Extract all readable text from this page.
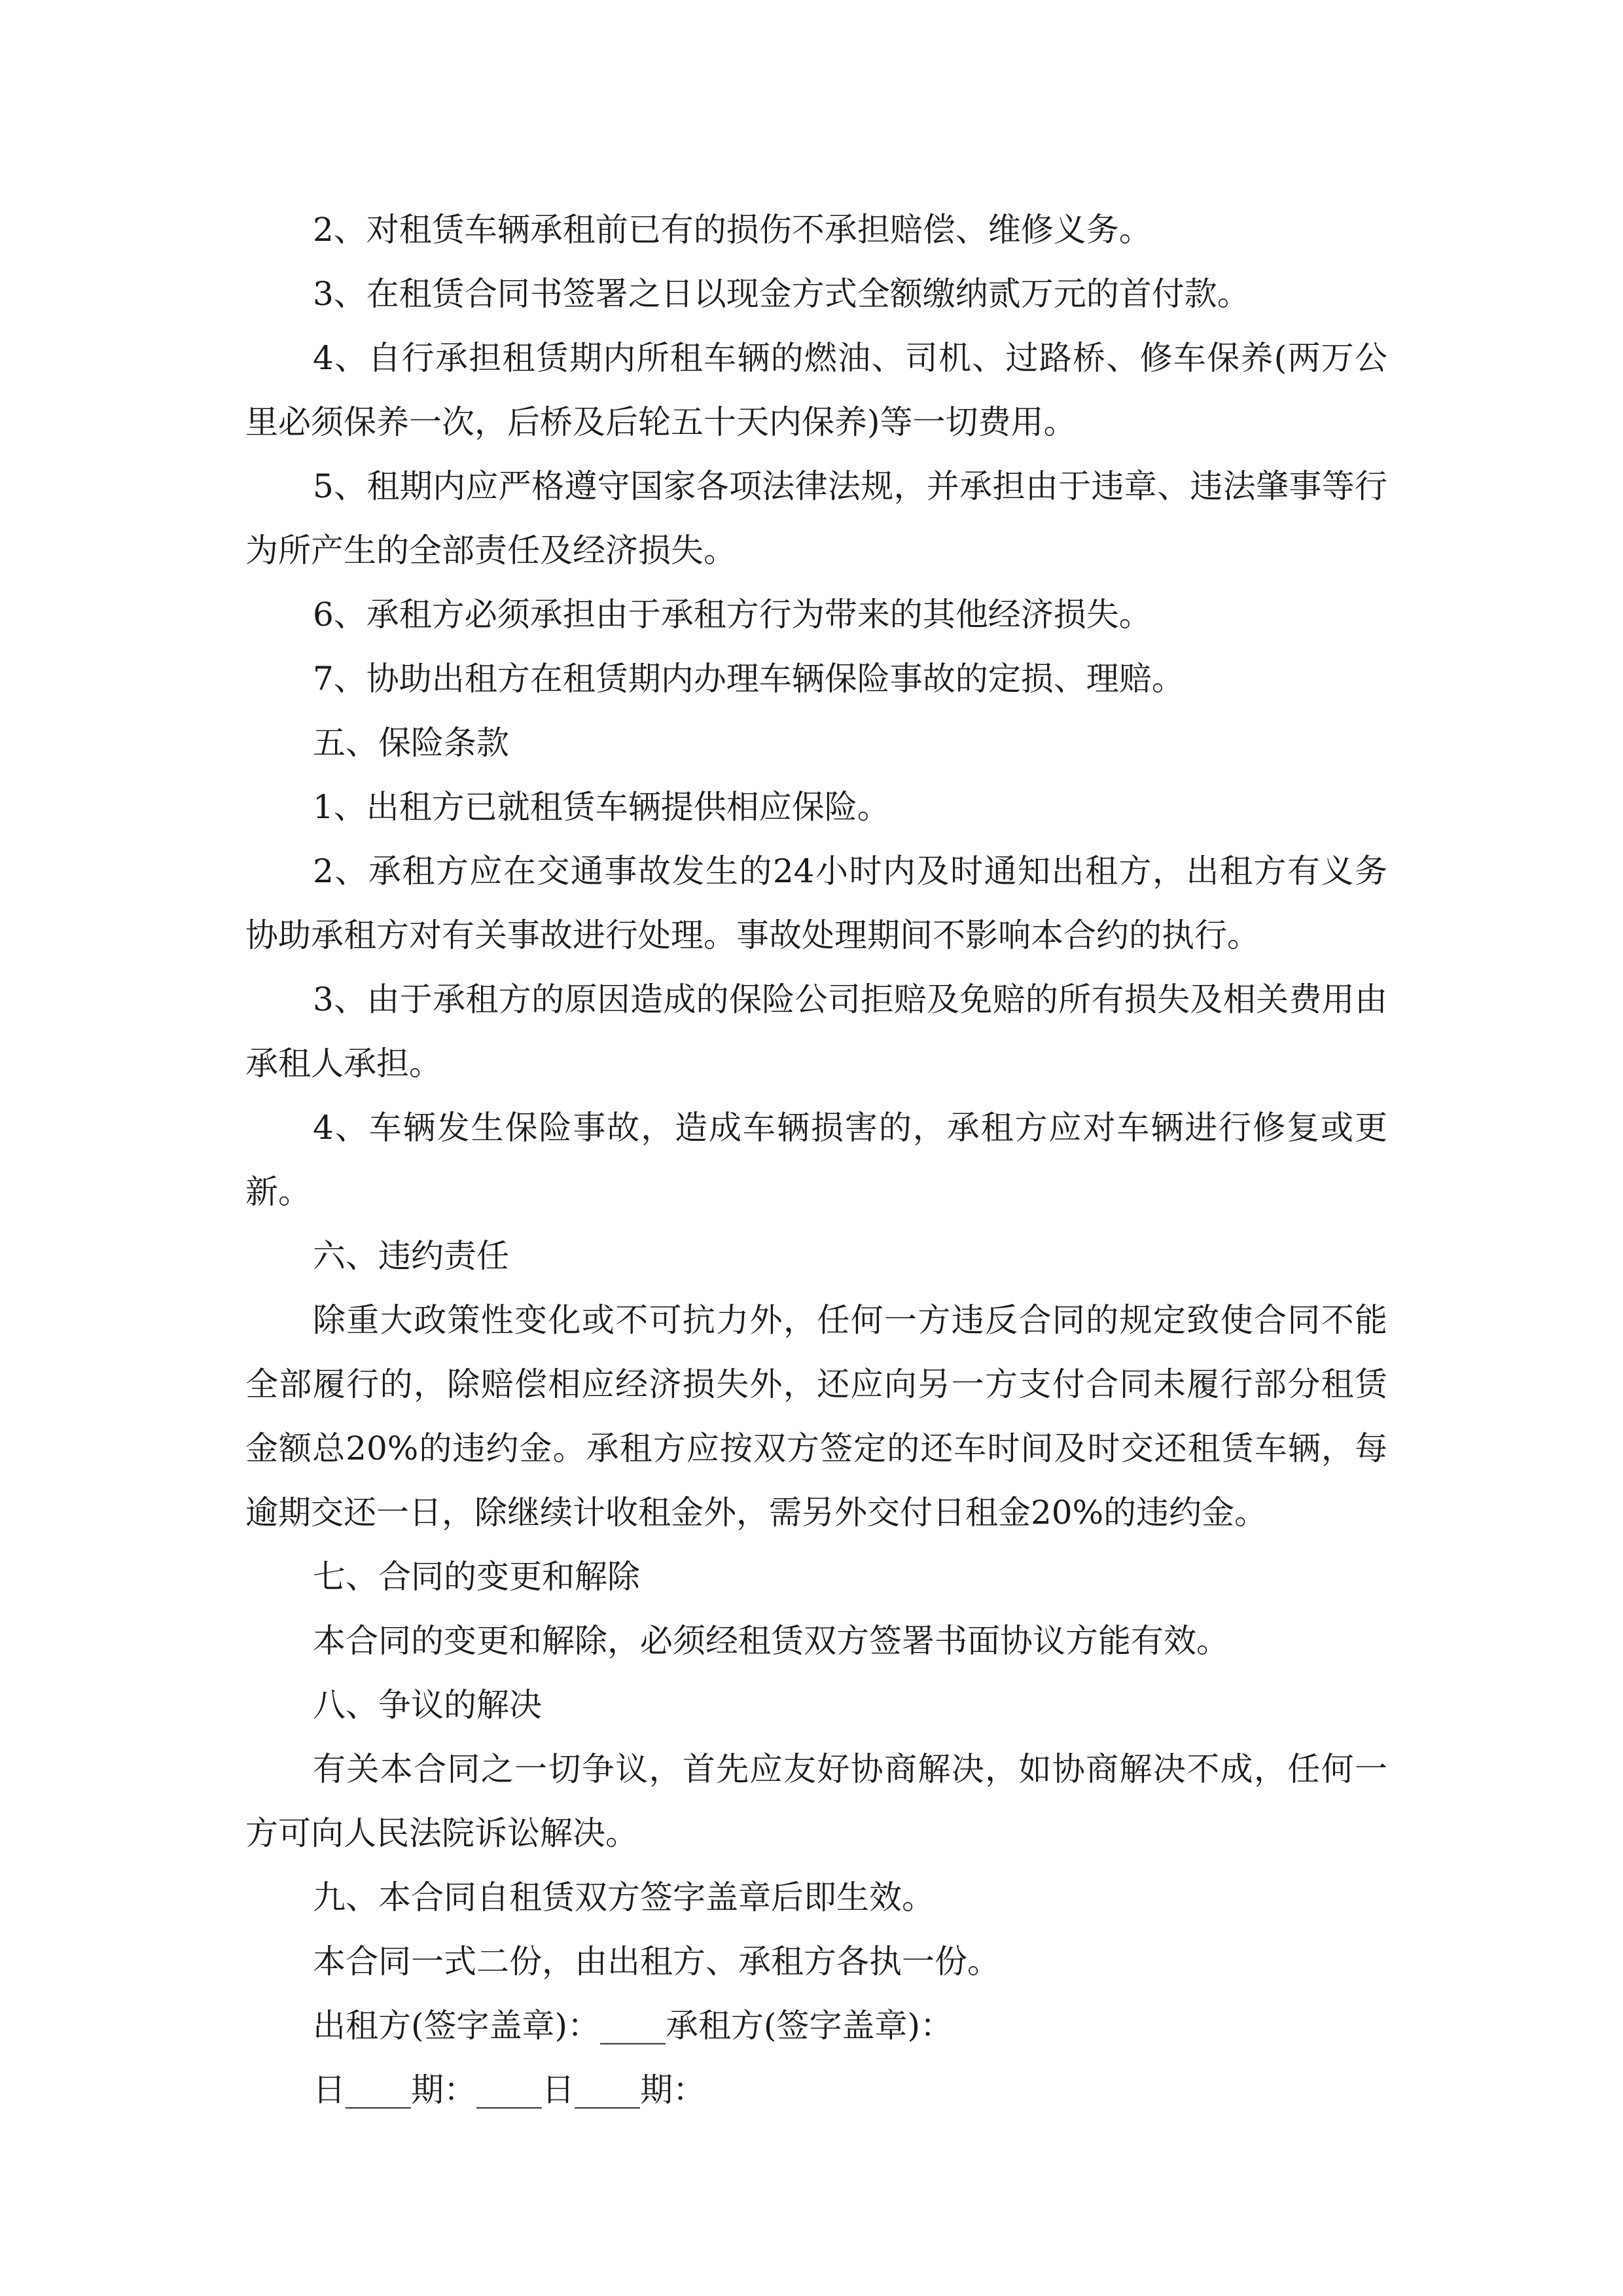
2、对租赁车辆承租前已有的损伤不承担赔偿、维修义务。

3、在租赁合同书签署之日以现金方式全额缴纳贰万元的首付款。

4、自行承担租赁期内所租车辆的燃油、司机、过路桥、修车保养(两万公里必须保养一次，后桥及后轮五十天内保养)等一切费用。

5、租期内应严格遵守国家各项法律法规，并承担由于违章、违法肇事等行为所产生的全部责任及经济损失。

6、承租方必须承担由于承租方行为带来的其他经济损失。

7、协助出租方在租赁期内办理车辆保险事故的定损、理赔。

五、保险条款

1、出租方已就租赁车辆提供相应保险。

2、承租方应在交通事故发生的24小时内及时通知出租方，出租方有义务协助承租方对有关事故进行处理。事故处理期间不影响本合约的执行。

3、由于承租方的原因造成的保险公司拒赔及免赔的所有损失及相关费用由承租人承担。

4、车辆发生保险事故，造成车辆损害的，承租方应对车辆进行修复或更新。

六、违约责任

除重大政策性变化或不可抗力外，任何一方违反合同的规定致使合同不能全部履行的，除赔偿相应经济损失外，还应向另一方支付合同未履行部分租赁金额总20%的违约金。承租方应按双方签定的还车时间及时交还租赁车辆，每逾期交还一日，除继续计收租金外，需另外交付日租金20%的违约金。

七、合同的变更和解除

本合同的变更和解除，必须经租赁双方签署书面协议方能有效。

八、争议的解决

有关本合同之一切争议，首先应友好协商解决，如协商解决不成，任何一方可向人民法院诉讼解决。

九、本合同自租赁双方签字盖章后即生效。

本合同一式二份，由出租方、承租方各执一份。

出租方(签字盖章)：____承租方(签字盖章)：

日____期：____日____期：
